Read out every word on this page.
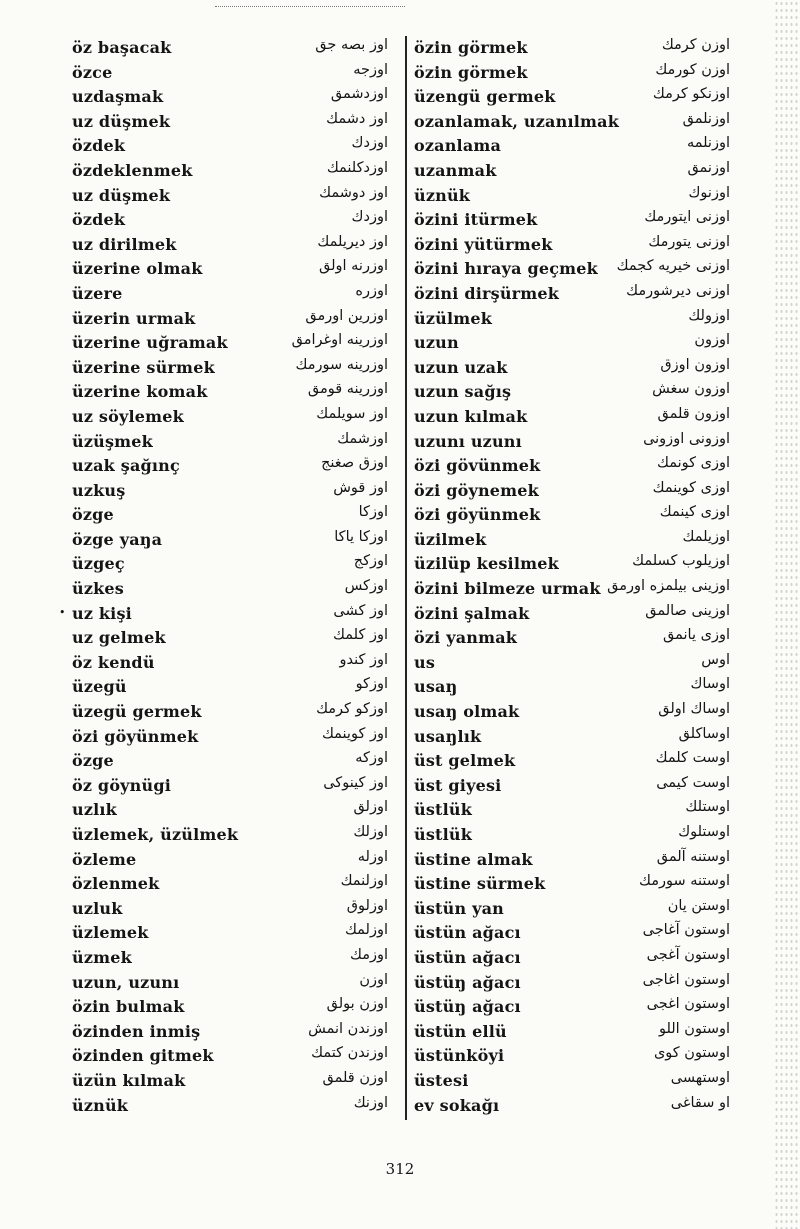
öz başacak	اوز بصه جق
özce	اوزجه
uzdaşmak	اوزدشمق
uz düşmek	اوز دشمك
özdek	اوزدك
özdeklenmek	اوزدكلنمك
uz düşmek	اوز دوشمك
özdek	اوزدك
uz dirilmek	اوز ديريلمك
üzerine olmak	اوزرنه اولق
üzere	اوزره
üzerin urmak	اوزرين اورمق
üzerine uğramak	اوزرينه اوغرامق
üzerine sürmek	اوزرينه سورمك
üzerine komak	اوزرينه قومق
uz söylemek	اوز سويلمك
üzüşmek	اوزشمك
uzak şağınç	اوزق صغنج
uzkuş	اوز قوش
özge	اوزكا
özge yaŋa	اوزكا ياكا
üzgeç	اوزكج
üzkes	اوزكس
• uz kişi	اوز كشى
uz gelmek	اوز كلمك
öz kendü	اوز كندو
üzegü	اوزكو
üzegü germek	اوزكو كرمك
özi göyünmek	اوز كوينمك
özge	اوزكه
öz göynügi	اوز كينوكى
uzlık	اوزلق
üzlemek, üzülmek	اوزلك
özleme	اوزله
özlenmek	اوزلنمك
uzluk	اوزلوق
üzlemek	اوزلمك
üzmek	اوزمك
uzun, uzunı	اوزن
özin bulmak	اوزن بولق
özinden inmiş	اوزندن انمش
özinden gitmek	اوزندن كتمك
üzün kılmak	اوزن قلمق
üznük	اوزنك
özin görmek	اوزن كرمك
özin görmek	اوزن كورمك
üzengü germek	اوزنكو كرمك
ozanlamak, uzanılmak	اوزنلمق
ozanlama	اوزنلمه
uzanmak	اوزنمق
üznük	اوزنوك
özini itürmek	اوزنى ايتورمك
özini yütürmek	اوزنى يتورمك
özini hıraya geçmek اوزنى خيريه كجمك
özini dirşürmek	اوزنى ديرشورمك
üzülmek	اوزولك
uzun	اوزون
uzun uzak	اوزون اوزق
uzun sağış	اوزون سغش
uzun kılmak	اوزون قلمق
uzunı uzunı	اوزونى اوزونى
özi gövünmek	اوزى كونمك
özi göynemek	اوزى كوينمك
özi göyünmek	اوزى كينمك
üzilmek	اوزيلمك
üzilüp kesilmek	اوزيلوب كسلمك
özini bilmeze urmak اوزينى بيلمزه اورمق
özini şalmak	اوزينى صالمق
özi yanmak	اوزى يانمق
us	اوس
usaŋ	اوساك
usaŋ olmak	اوساك اولق
usaŋlık	اوساكلق
üst gelmek	اوست كلمك
üst giyesi	اوست كيمى
üstlük	اوستلك
üstlük	اوستلوك
üstine almak	اوستنه آلمق
üstine sürmek	اوستنه سورمك
üstün yan	اوستن يان
üstün ağacı	اوستون آغاجى
üstün ağacı	اوستون آغجى
üstüŋ ağacı	اوستون اغاجى
üstüŋ ağacı	اوستون اغجى
üstün ellü	اوستون اللو
üstünköyi	اوستون كوى
üstesi	اوستهسى
ev sokağı	او سقاغى
312
